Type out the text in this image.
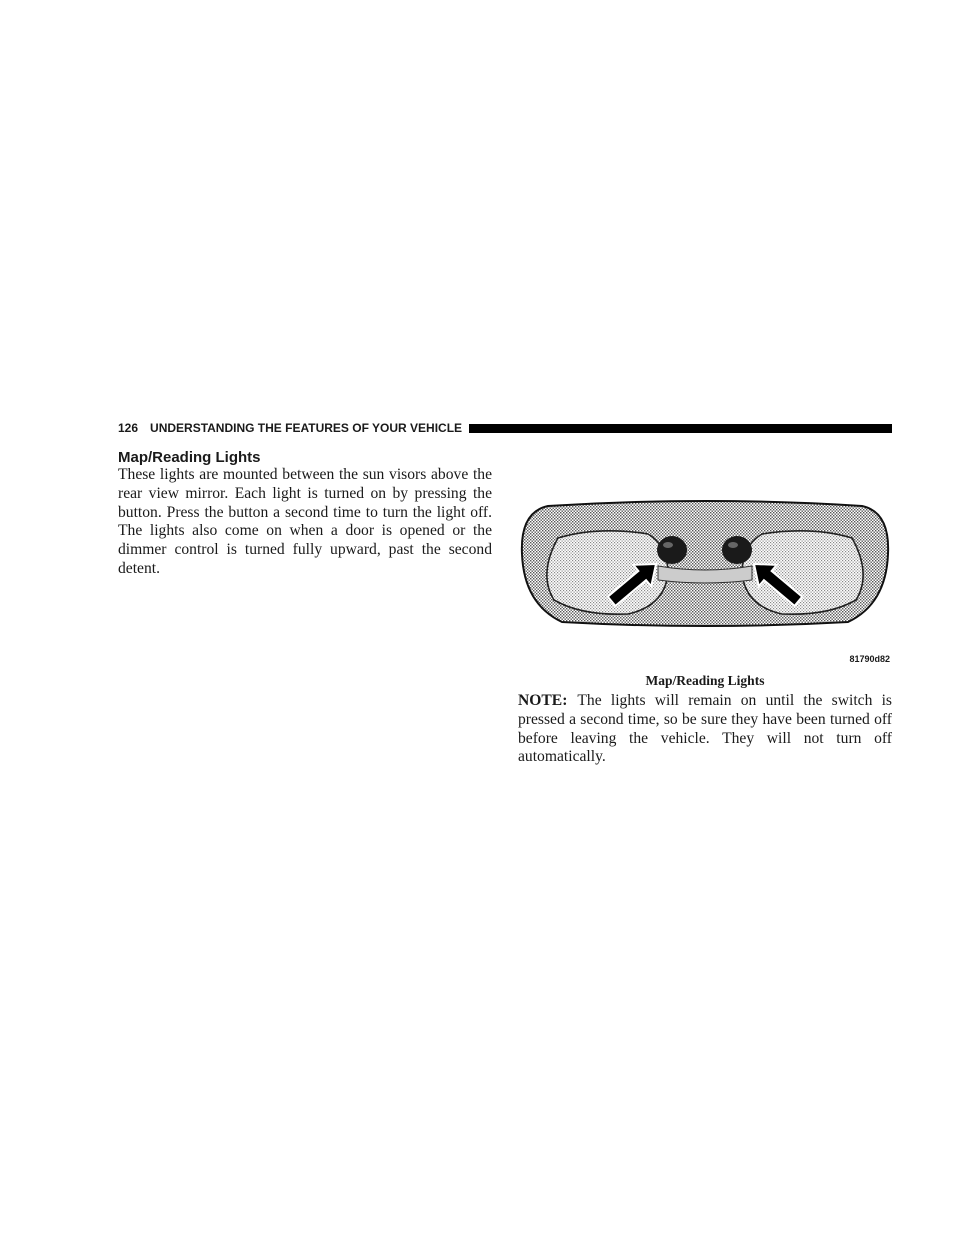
126 UNDERSTANDING THE FEATURES OF YOUR VEHICLE
Map/Reading Lights

These lights are mounted between the sun visors above the rear view mirror. Each light is turned on by pressing the button. Press the button a second time to turn the light off. The lights also come on when a door is opened or the dimmer control is turned fully upward, past the second detent.

81790d82
Map/Reading Lights

NOTE: The lights will remain on until the switch is pressed a second time, so be sure they have been turned off before leaving the vehicle. They will not turn off automatically.
